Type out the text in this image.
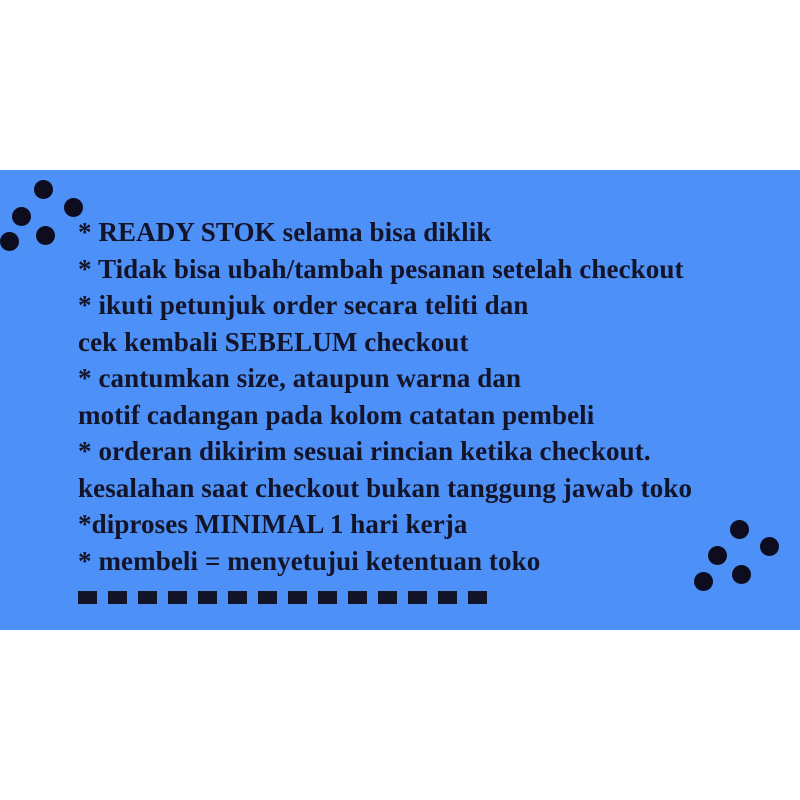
* READY STOK selama bisa diklik
* Tidak bisa ubah/tambah pesanan setelah checkout
* ikuti petunjuk order secara teliti dan
cek kembali SEBELUM checkout
* cantumkan size, ataupun warna dan
motif cadangan pada kolom catatan pembeli
* orderan dikirim sesuai rincian ketika checkout.
kesalahan saat checkout bukan tanggung jawab toko
*diproses MINIMAL 1 hari kerja
* membeli = menyetujui ketentuan toko
